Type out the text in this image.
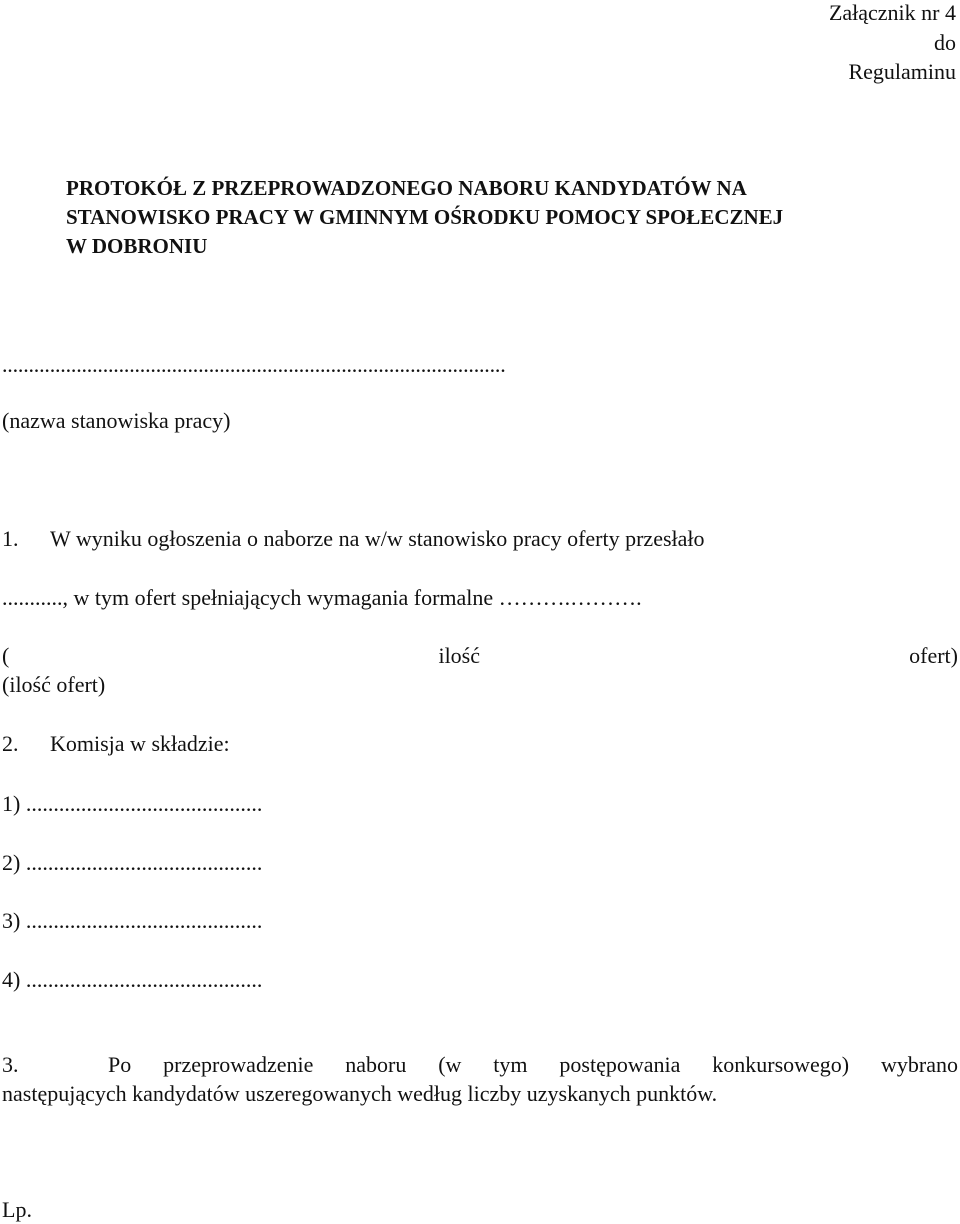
Załącznik nr 4
do
Regulaminu
PROTOKÓŁ Z PRZEPROWADZONEGO NABORU KANDYDATÓW NA
STANOWISKO PRACY W GMINNYM OŚRODKU POMOCY SPOŁECZNEJ
W DOBRONIU
...............................................................................................
(nazwa stanowiska pracy)
1. W wyniku ogłoszenia o naborze na w/w stanowisko pracy oferty przesłało
..........., w tym ofert spełniających wymagania formalne ……….……….
(	ilość	ofert)
(ilość ofert)
2. Komisja w składzie:
1) ...........................................
2) ...........................................
3) ...........................................
4) ...........................................
3.	Po przeprowadzenie naboru (w tym postępowania konkursowego) wybrano
następujących kandydatów uszeregowanych według liczby uzyskanych punktów.
Lp.
